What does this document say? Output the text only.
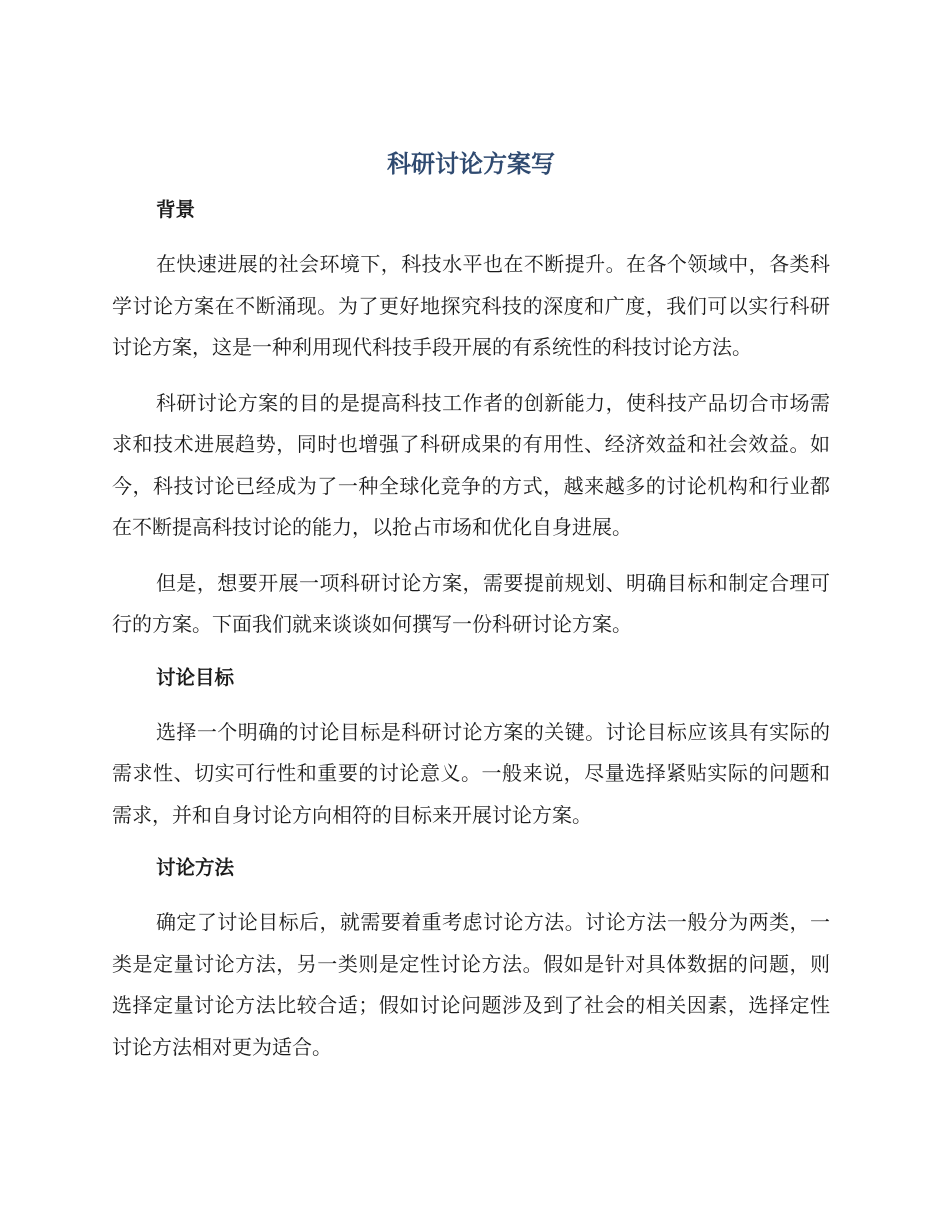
科研讨论方案写
背景

在快速进展的社会环境下，科技水平也在不断提升。在各个领域中，各类科学讨论方案在不断涌现。为了更好地探究科技的深度和广度，我们可以实行科研讨论方案，这是一种利用现代科技手段开展的有系统性的科技讨论方法。

科研讨论方案的目的是提高科技工作者的创新能力，使科技产品切合市场需求和技术进展趋势，同时也增强了科研成果的有用性、经济效益和社会效益。如今，科技讨论已经成为了一种全球化竞争的方式，越来越多的讨论机构和行业都在不断提高科技讨论的能力，以抢占市场和优化自身进展。

但是，想要开展一项科研讨论方案，需要提前规划、明确目标和制定合理可行的方案。下面我们就来谈谈如何撰写一份科研讨论方案。

讨论目标

选择一个明确的讨论目标是科研讨论方案的关键。讨论目标应该具有实际的需求性、切实可行性和重要的讨论意义。一般来说，尽量选择紧贴实际的问题和需求，并和自身讨论方向相符的目标来开展讨论方案。

讨论方法

确定了讨论目标后，就需要着重考虑讨论方法。讨论方法一般分为两类，一类是定量讨论方法，另一类则是定性讨论方法。假如是针对具体数据的问题，则选择定量讨论方法比较合适；假如讨论问题涉及到了社会的相关因素，选择定性讨论方法相对更为适合。
